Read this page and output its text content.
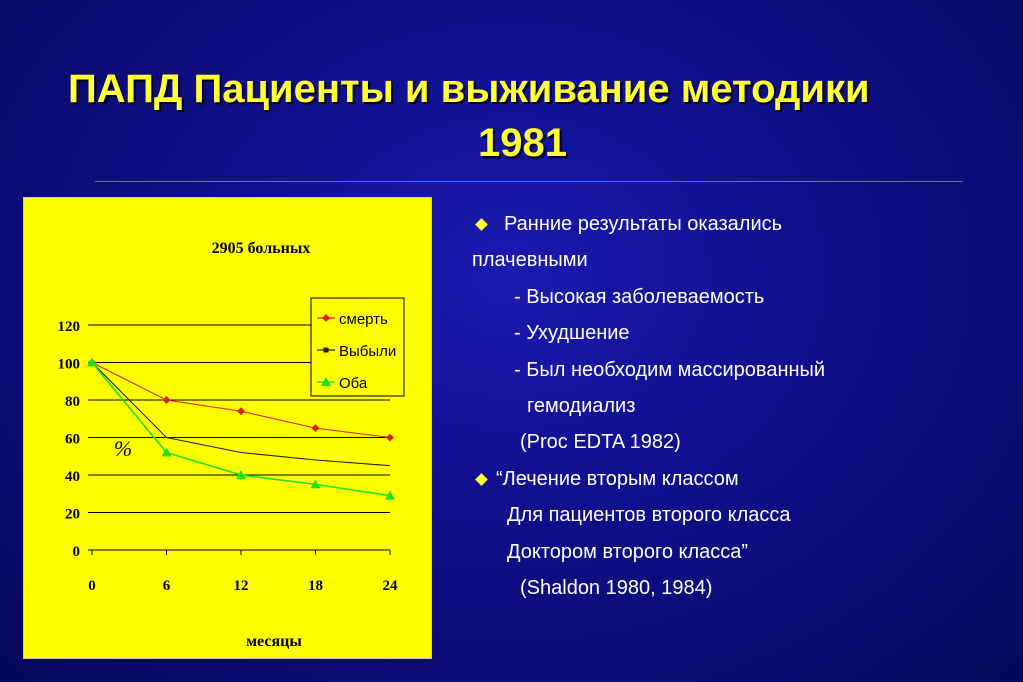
ПАПД Пациенты и выживание методики
1981
2905 больных
0
20
40
60
80
100
120
0	6	12	18	24
месяцы
%
смерть
Выбыли
Оба
Ранние результаты оказались
плачевными
- Высокая заболеваемость
- Ухудшение
- Был необходим массированный
гемодиализ
(Proc EDTA 1982)
“Лечение вторым классом
Для пациентов второго класса
Доктором второго класса”
(Shaldon 1980, 1984)
